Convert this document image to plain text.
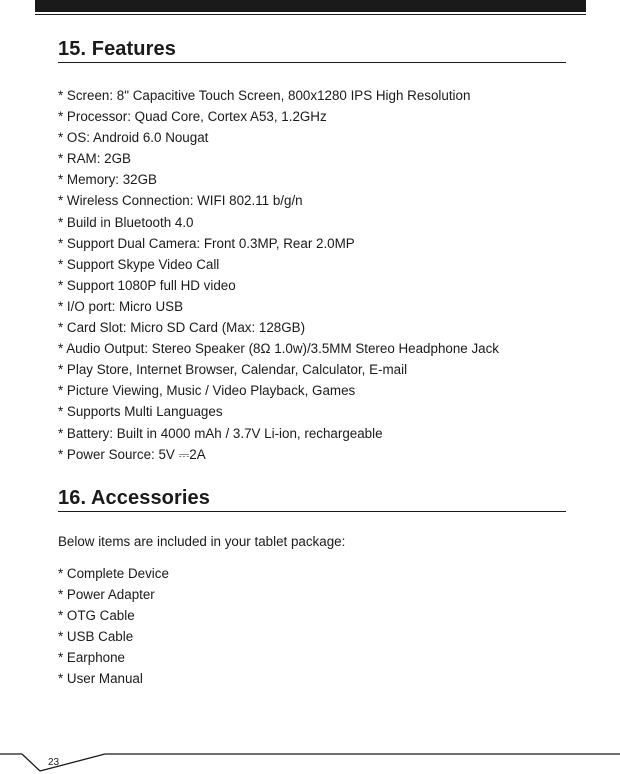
15. Features
* Screen: 8" Capacitive Touch Screen, 800x1280 IPS High Resolution
* Processor: Quad Core, Cortex A53, 1.2GHz
* OS: Android 6.0 Nougat
* RAM: 2GB
* Memory: 32GB
* Wireless Connection: WIFI 802.11 b/g/n
* Build in Bluetooth 4.0
* Support Dual Camera: Front 0.3MP, Rear 2.0MP
* Support Skype Video Call
* Support 1080P full HD video
* I/O port: Micro USB
* Card Slot: Micro SD Card (Max: 128GB)
* Audio Output: Stereo Speaker (8Ω 1.0w)/3.5MM Stereo Headphone Jack
* Play Store, Internet Browser, Calendar, Calculator, E-mail
* Picture Viewing, Music / Video Playback, Games
* Supports Multi Languages
* Battery: Built in 4000 mAh / 3.7V Li-ion, rechargeable
* Power Source: 5V ⎓2A
16. Accessories

Below items are included in your tablet package:

* Complete Device
* Power Adapter
* OTG Cable
* USB Cable
* Earphone
* User Manual
23
